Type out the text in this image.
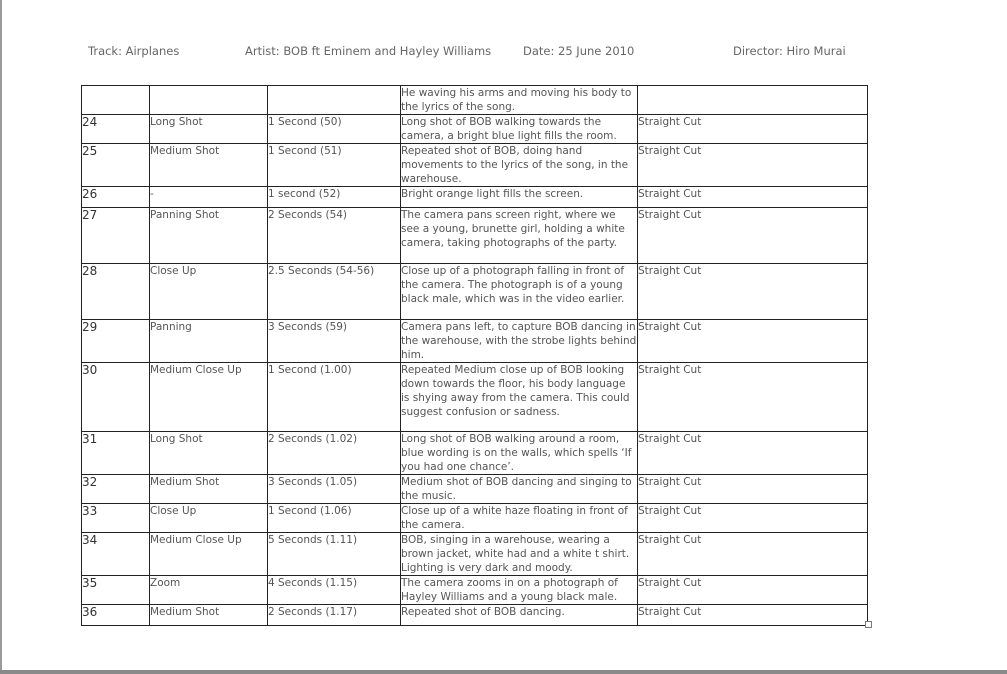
Track: Airplanes	Artist: BOB ft Eminem and Hayley Williams	Date: 25 June 2010	Director: Hiro Murai
			He waving his arms and moving his body to the lyrics of the song.	
24	Long Shot	1 Second (50)	Long shot of BOB walking towards the camera, a bright blue light fills the room.	Straight Cut
25	Medium Shot	1 Second (51)	Repeated shot of BOB, doing hand movements to the lyrics of the song, in the warehouse.	Straight Cut
26	-	1 second (52)	Bright orange light fills the screen.	Straight Cut
27	Panning Shot	2 Seconds (54)	The camera pans screen right, where we see a young, brunette girl, holding a white camera, taking photographs of the party.	Straight Cut
28	Close Up	2.5 Seconds (54-56)	Close up of a photograph falling in front of the camera. The photograph is of a young black male, which was in the video earlier.	Straight Cut
29	Panning	3 Seconds (59)	Camera pans left, to capture BOB dancing in the warehouse, with the strobe lights behind him.	Straight Cut
30	Medium Close Up	1 Second (1.00)	Repeated Medium close up of BOB looking down towards the floor, his body language is shying away from the camera. This could suggest confusion or sadness.	Straight Cut
31	Long Shot	2 Seconds (1.02)	Long shot of BOB walking around a room, blue wording is on the walls, which spells ‘If you had one chance’.	Straight Cut
32	Medium Shot	3 Seconds (1.05)	Medium shot of BOB dancing and singing to the music.	Straight Cut
33	Close Up	1 Second (1.06)	Close up of a white haze floating in front of the camera.	Straight Cut
34	Medium Close Up	5 Seconds (1.11)	BOB, singing in a warehouse, wearing a brown jacket, white had and a white t shirt. Lighting is very dark and moody.	Straight Cut
35	Zoom	4 Seconds (1.15)	The camera zooms in on a photograph of Hayley Williams and a young black male.	Straight Cut
36	Medium Shot	2 Seconds (1.17)	Repeated shot of BOB dancing.	Straight Cut
